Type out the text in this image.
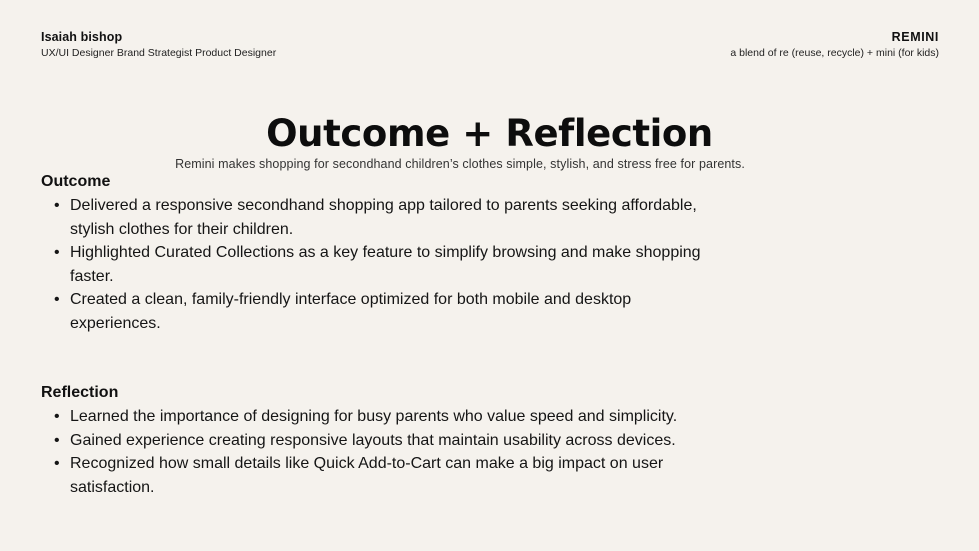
Isaiah bishop
UX/UI Designer Brand Strategist Product Designer
REMINI
a blend of re (reuse, recycle) + mini (for kids)
Outcome + Reflection
Remini makes shopping for secondhand children’s clothes simple, stylish, and stress free for parents.
Outcome
• Delivered a responsive secondhand shopping app tailored to parents seeking affordable, stylish clothes for their children.
• Highlighted Curated Collections as a key feature to simplify browsing and make shopping faster.
• Created a clean, family-friendly interface optimized for both mobile and desktop experiences.
Reflection
• Learned the importance of designing for busy parents who value speed and simplicity.
• Gained experience creating responsive layouts that maintain usability across devices.
• Recognized how small details like Quick Add-to-Cart can make a big impact on user satisfaction.
